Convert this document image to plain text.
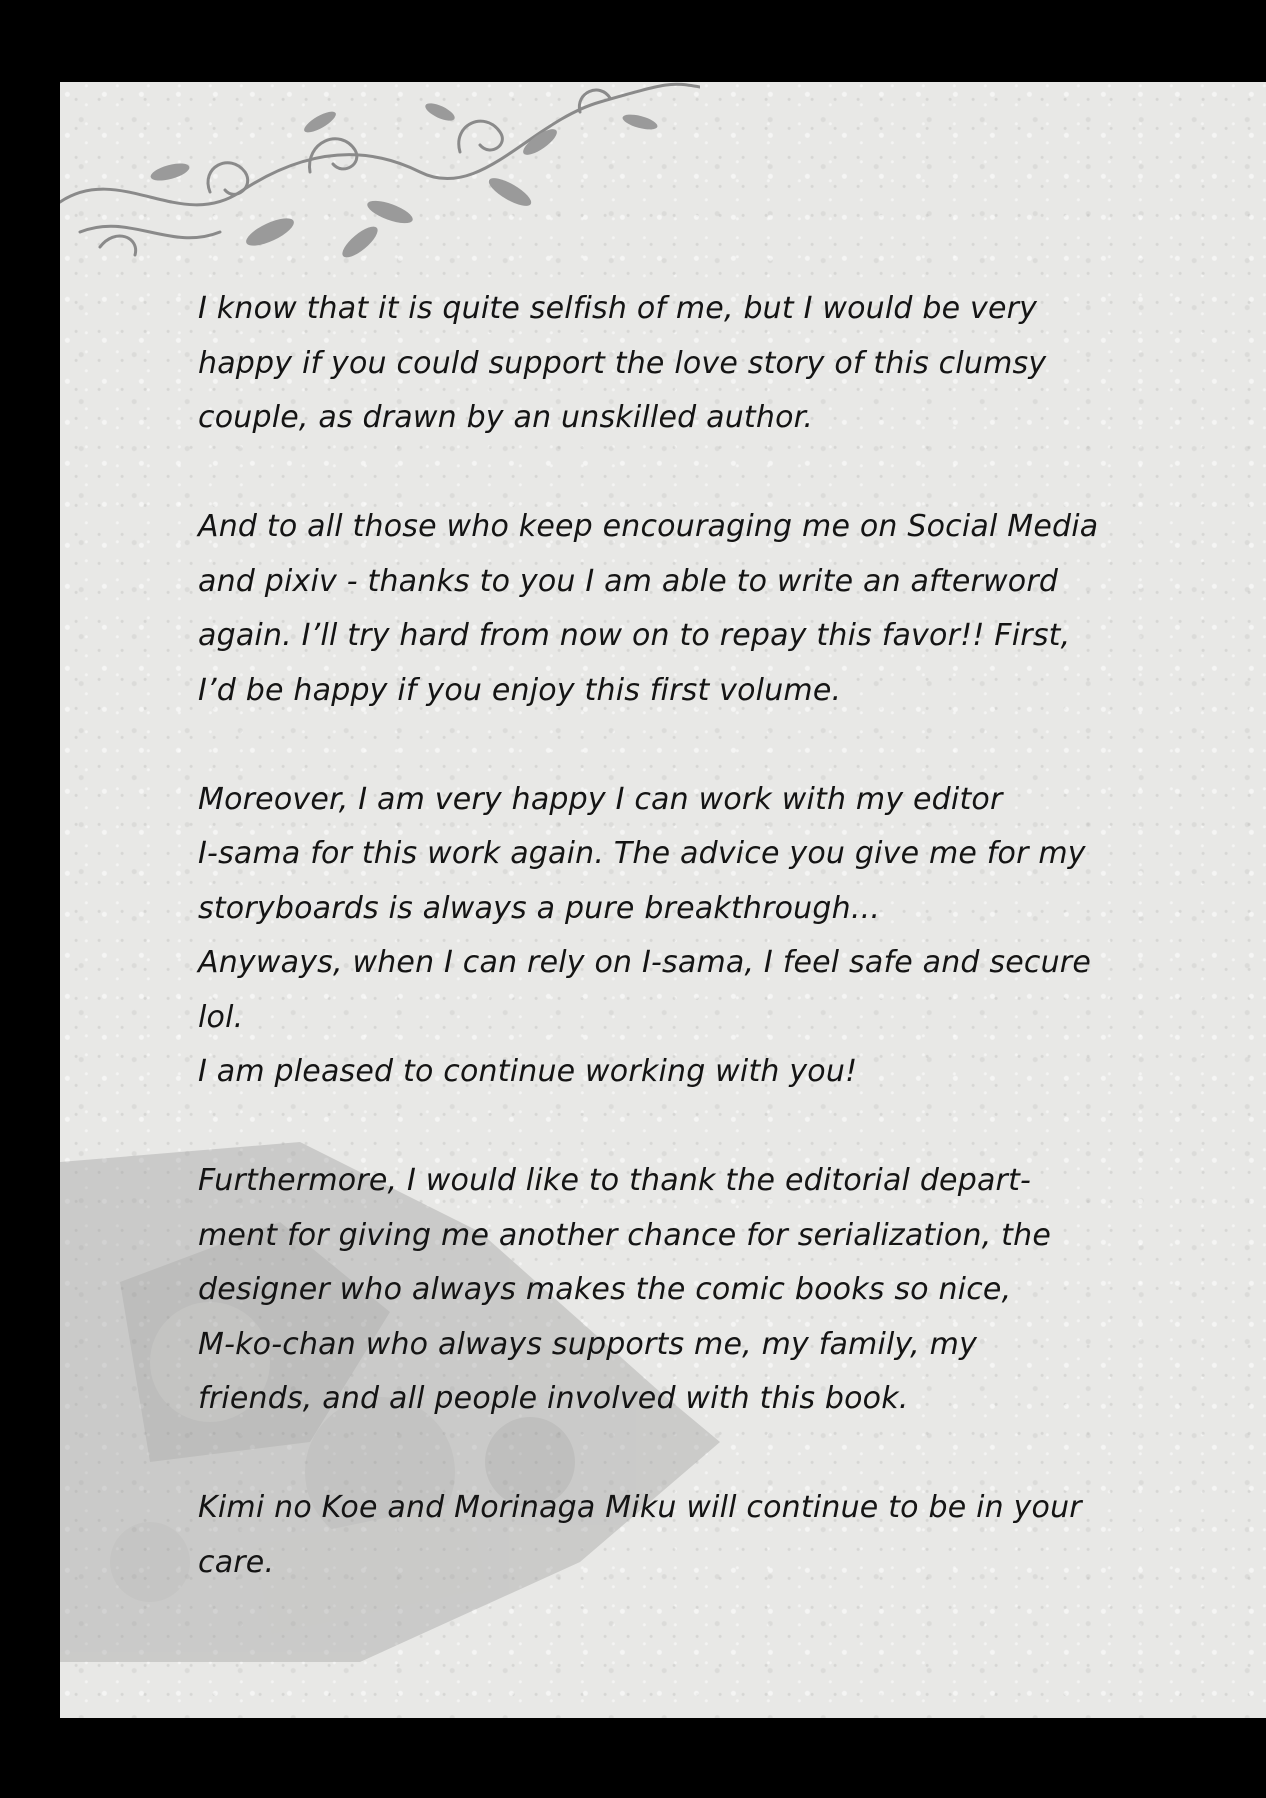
I know that it is quite selfish of me, but I would be very
happy if you could support the love story of this clumsy
couple, as drawn by an unskilled author.

And to all those who keep encouraging me on Social Media
and pixiv - thanks to you I am able to write an afterword
again. I’ll try hard from now on to repay this favor!! First,
I’d be happy if you enjoy this first volume.

Moreover, I am very happy I can work with my editor
I-sama for this work again. The advice you give me for my
storyboards is always a pure breakthrough...
Anyways, when I can rely on I-sama, I feel safe and secure
lol.
I am pleased to continue working with you!

Furthermore, I would like to thank the editorial depart-
ment for giving me another chance for serialization, the
designer who always makes the comic books so nice,
M-ko-chan who always supports me, my family, my
friends, and all people involved with this book.

Kimi no Koe and Morinaga Miku will continue to be in your
care.
